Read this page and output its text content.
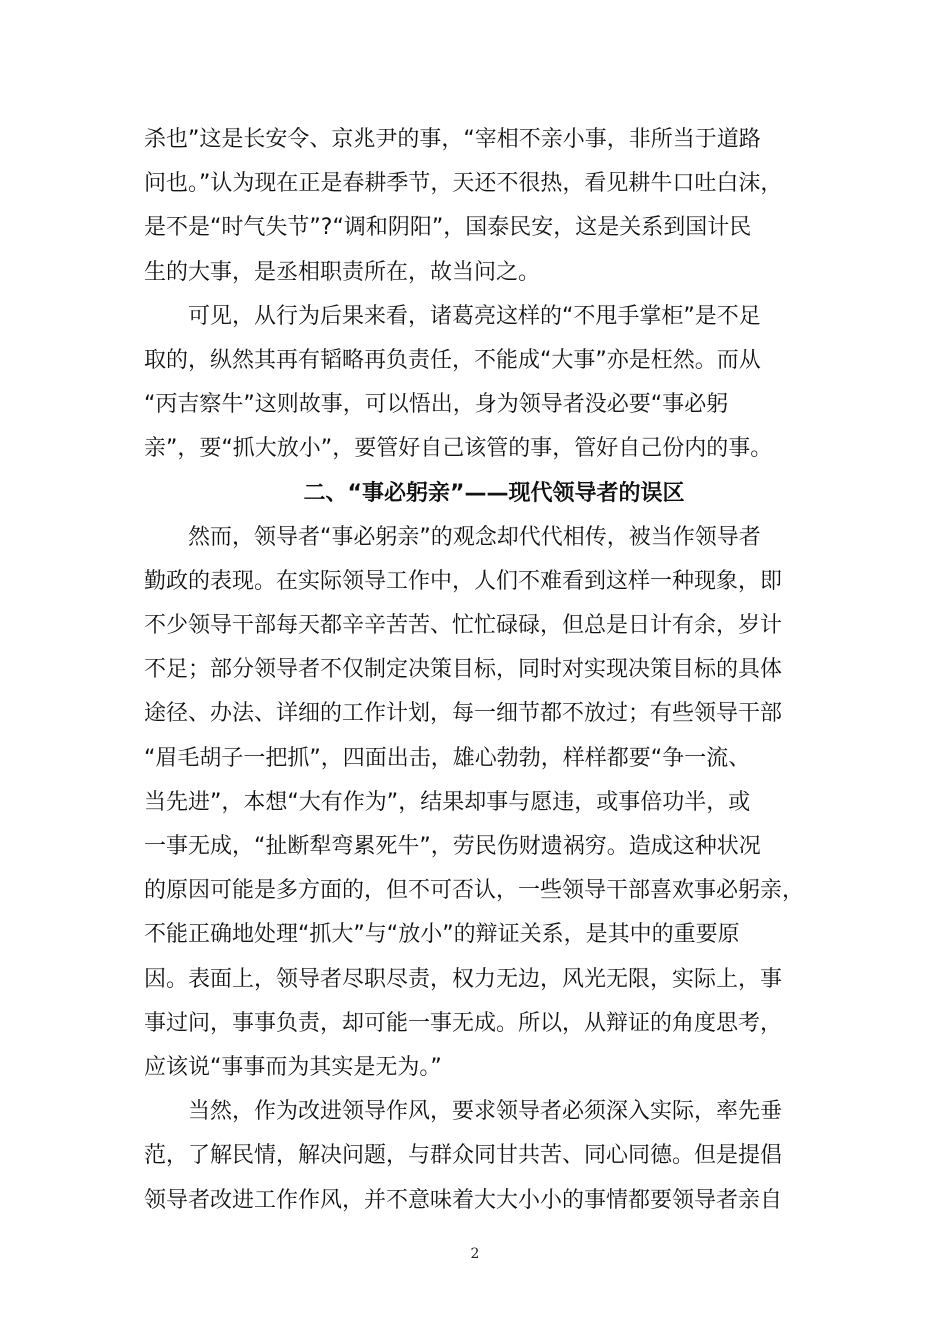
杀也”这是长安令、京兆尹的事，“宰相不亲小事，非所当于道路
问也。”认为现在正是春耕季节，天还不很热，看见耕牛口吐白沫，
是不是“时气失节”?“调和阴阳”，国泰民安，这是关系到国计民
生的大事，是丞相职责所在，故当问之。
可见，从行为后果来看，诸葛亮这样的“不甩手掌柜”是不足
取的，纵然其再有韬略再负责任，不能成“大事”亦是枉然。而从
“丙吉察牛”这则故事，可以悟出，身为领导者没必要“事必躬
亲”，要“抓大放小”，要管好自己该管的事，管好自己份内的事。
二、“事必躬亲”——现代领导者的误区
然而，领导者“事必躬亲”的观念却代代相传，被当作领导者
勤政的表现。在实际领导工作中，人们不难看到这样一种现象，即
不少领导干部每天都辛辛苦苦、忙忙碌碌，但总是日计有余，岁计
不足；部分领导者不仅制定决策目标，同时对实现决策目标的具体
途径、办法、详细的工作计划，每一细节都不放过；有些领导干部
“眉毛胡子一把抓”，四面出击，雄心勃勃，样样都要“争一流、
当先进”，本想“大有作为”，结果却事与愿违，或事倍功半，或
一事无成，“扯断犁弯累死牛”，劳民伤财遗祸穷。造成这种状况
的原因可能是多方面的，但不可否认，一些领导干部喜欢事必躬亲，
不能正确地处理“抓大”与“放小”的辩证关系，是其中的重要原
因。表面上，领导者尽职尽责，权力无边，风光无限，实际上，事
事过问，事事负责，却可能一事无成。所以，从辩证的角度思考，
应该说“事事而为其实是无为。”
当然，作为改进领导作风，要求领导者必须深入实际，率先垂
范，了解民情，解决问题，与群众同甘共苦、同心同德。但是提倡
领导者改进工作作风，并不意味着大大小小的事情都要领导者亲自
2
